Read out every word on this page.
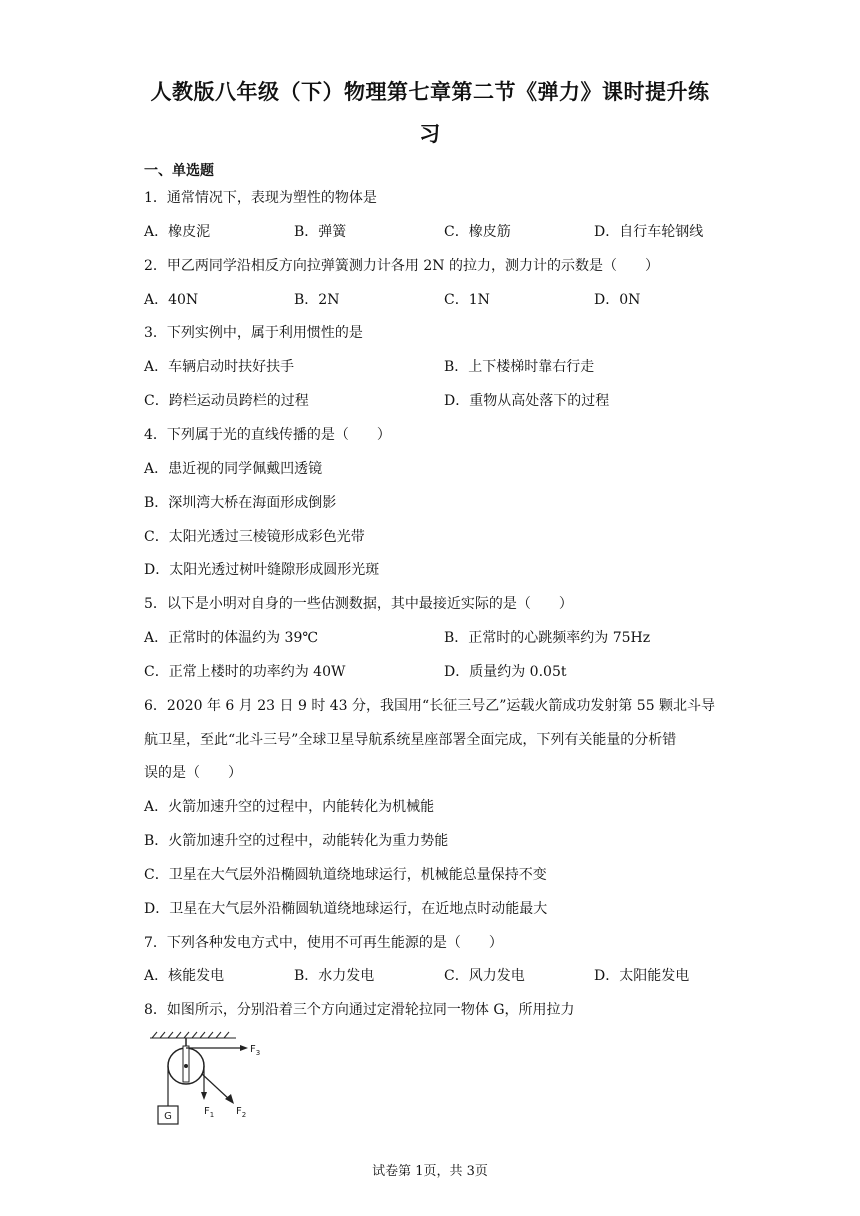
人教版八年级（下）物理第七章第二节《弹力》课时提升练
习
一、单选题
1．通常情况下，表现为塑性的物体是
A．橡皮泥	B．弹簧	C．橡皮筋	D．自行车轮钢线
2．甲乙两同学沿相反方向拉弹簧测力计各用 2N 的拉力，测力计的示数是（　　）
A．40N	B．2N	C．1N	D．0N
3．下列实例中，属于利用惯性的是
A．车辆启动时扶好扶手	B．上下楼梯时靠右行走
C．跨栏运动员跨栏的过程	D．重物从高处落下的过程
4．下列属于光的直线传播的是（　　）
A．患近视的同学佩戴凹透镜
B．深圳湾大桥在海面形成倒影
C．太阳光透过三棱镜形成彩色光带
D．太阳光透过树叶缝隙形成圆形光斑
5．以下是小明对自身的一些估测数据，其中最接近实际的是（　　）
A．正常时的体温约为 39℃	B．正常时的心跳频率约为 75Hz
C．正常上楼时的功率约为 40W	D．质量约为 0.05t
6．2020 年 6 月 23 日 9 时 43 分，我国用“长征三号乙”运载火箭成功发射第 55 颗北斗导
航卫星，至此“北斗三号”全球卫星导航系统星座部署全面完成，下列有关能量的分析错
误的是（　　）
A．火箭加速升空的过程中，内能转化为机械能
B．火箭加速升空的过程中，动能转化为重力势能
C．卫星在大气层外沿椭圆轨道绕地球运行，机械能总量保持不变
D．卫星在大气层外沿椭圆轨道绕地球运行，在近地点时动能最大
7．下列各种发电方式中，使用不可再生能源的是（　　）
A．核能发电	B．水力发电	C．风力发电	D．太阳能发电
8．如图所示，分别沿着三个方向通过定滑轮拉同一物体 G，所用拉力
G	$F_1$ $F_2$
$F_3$
试卷第 1页，共 3页
